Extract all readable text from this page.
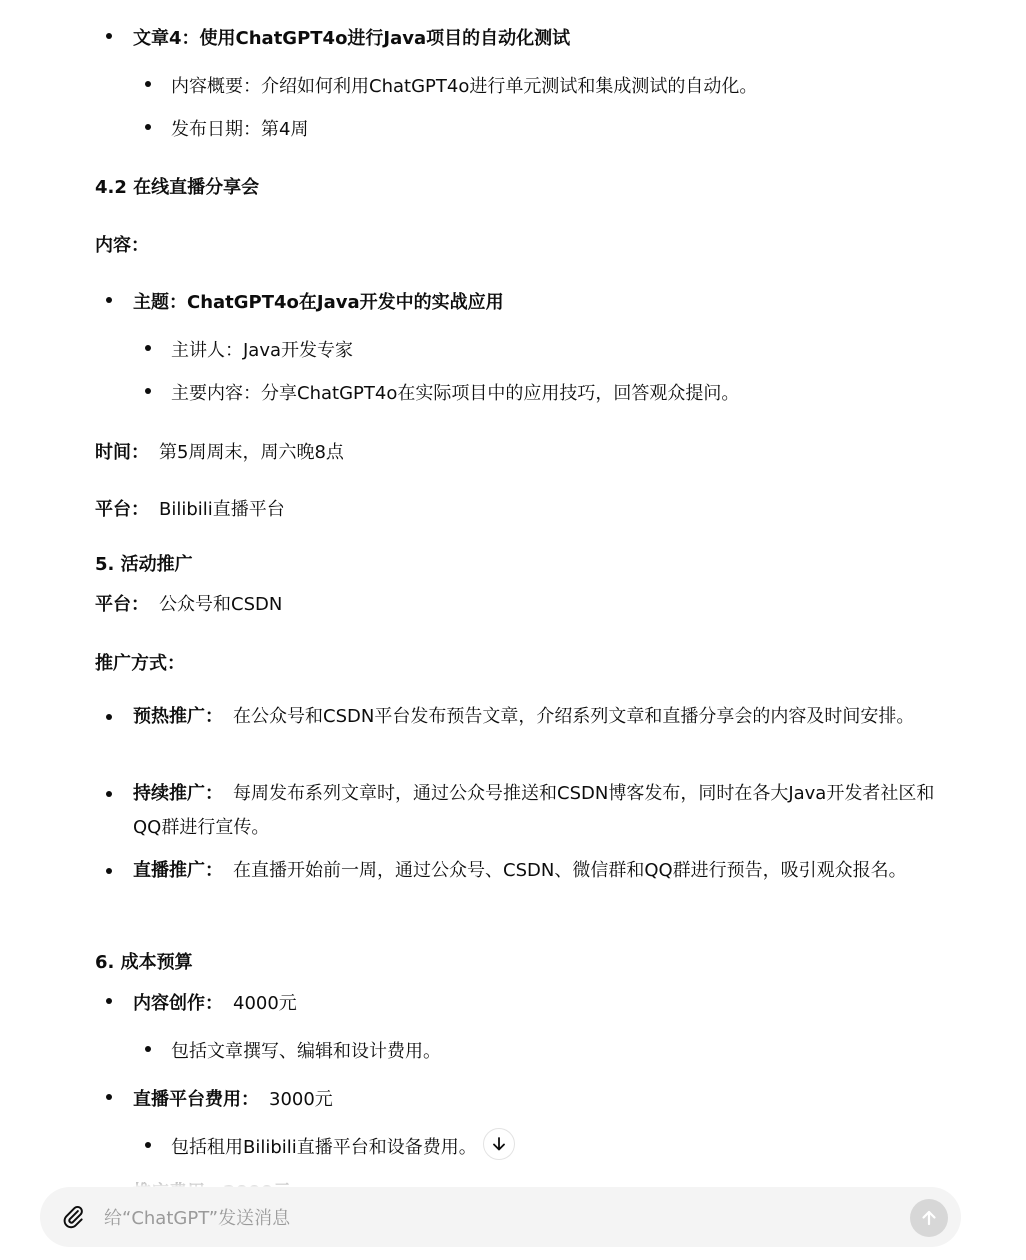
文章4：使用ChatGPT4o进行Java项目的自动化测试
内容概要：介绍如何利用ChatGPT4o进行单元测试和集成测试的自动化。
发布日期：第4周
4.2 在线直播分享会
内容：
主题：ChatGPT4o在Java开发中的实战应用
主讲人：Java开发专家
主要内容：分享ChatGPT4o在实际项目中的应用技巧，回答观众提问。
时间： 第5周周末，周六晚8点
平台： Bilibili直播平台
5. 活动推广
平台： 公众号和CSDN
推广方式：
预热推广： 在公众号和CSDN平台发布预告文章，介绍系列文章和直播分享会的内容及时间安排。
持续推广： 每周发布系列文章时，通过公众号推送和CSDN博客发布，同时在各大Java开发者社区和QQ群进行宣传。
直播推广： 在直播开始前一周，通过公众号、CSDN、微信群和QQ群进行预告，吸引观众报名。
6. 成本预算
内容创作： 4000元
包括文章撰写、编辑和设计费用。
直播平台费用： 3000元
包括租用Bilibili直播平台和设备费用。
给“ChatGPT”发送消息
